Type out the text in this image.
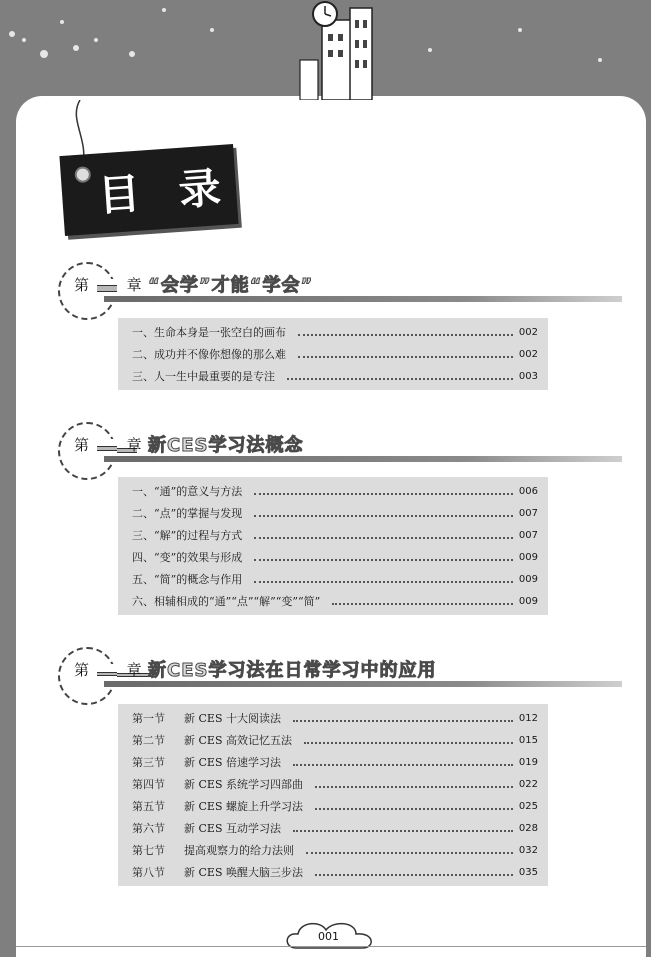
目 录
第	章 “会学”才能“学会”
一、生命本身是一张空白的画布	002
二、成功并不像你想像的那么难	002
三、人一生中最重要的是专注	003
第	章 新CES学习法概念
一、“通”的意义与方法	006
二、“点”的掌握与发现	007
三、“解”的过程与方式	007
四、“变”的效果与形成	009
五、“简”的概念与作用	009
六、相辅相成的“通”“点”“解”“变”“简”	009
第	章 新CES学习法在日常学习中的应用
第一节	新 CES 十大阅读法	012
第二节	新 CES 高效记忆五法	015
第三节	新 CES 倍速学习法	019
第四节	新 CES 系统学习四部曲	022
第五节	新 CES 螺旋上升学习法	025
第六节	新 CES 互动学习法	028
第七节	提高观察力的给力法则	032
第八节	新 CES 唤醒大脑三步法	035
001
